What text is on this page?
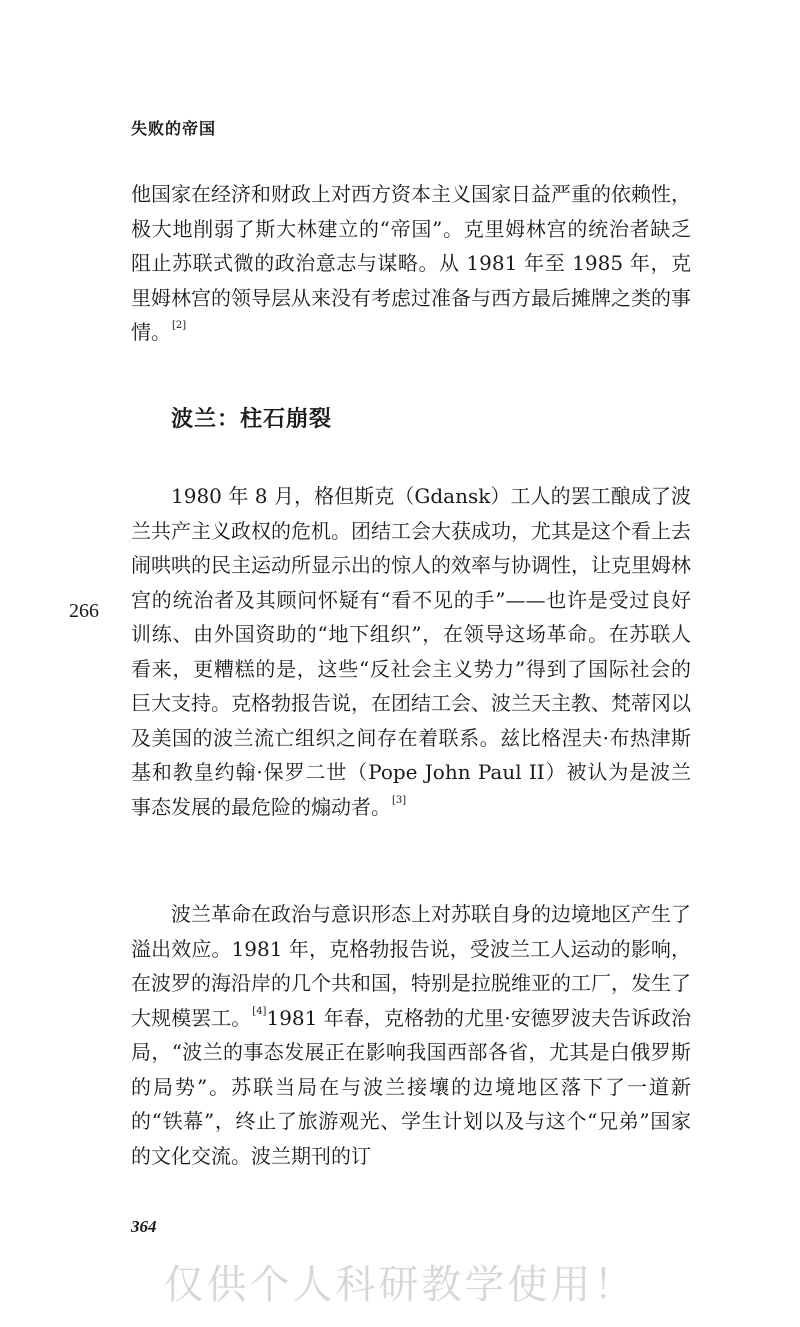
失败的帝国

他国家在经济和财政上对西方资本主义国家日益严重的依赖性，极大地削弱了斯大林建立的“帝国”。克里姆林宫的统治者缺乏阻止苏联式微的政治意志与谋略。从 1981 年至 1985 年，克里姆林宫的领导层从来没有考虑过准备与西方最后摊牌之类的事情。[2]

波兰：柱石崩裂

1980 年 8 月，格但斯克（Gdansk）工人的罢工酿成了波兰共产主义政权的危机。团结工会大获成功，尤其是这个看上去闹哄哄的民主运动所显示出的惊人的效率与协调性，让克里姆林宫的统治者及其顾问怀疑有“看不见的手”——也许是受过良好训练、由外国资助的“地下组织”，在领导这场革命。在苏联人看来，更糟糕的是，这些“反社会主义势力”得到了国际社会的巨大支持。克格勃报告说，在团结工会、波兰天主教、梵蒂冈以及美国的波兰流亡组织之间存在着联系。兹比格涅夫·布热津斯基和教皇约翰·保罗二世（Pope John Paul II）被认为是波兰事态发展的最危险的煽动者。[3]

266

波兰革命在政治与意识形态上对苏联自身的边境地区产生了溢出效应。1981 年，克格勃报告说，受波兰工人运动的影响，在波罗的海沿岸的几个共和国，特别是拉脱维亚的工厂，发生了大规模罢工。[4]1981 年春，克格勃的尤里·安德罗波夫告诉政治局，“波兰的事态发展正在影响我国西部各省，尤其是白俄罗斯的局势”。苏联当局在与波兰接壤的边境地区落下了一道新的“铁幕”，终止了旅游观光、学生计划以及与这个“兄弟”国家的文化交流。波兰期刊的订

364
仅供个人科研教学使用！
